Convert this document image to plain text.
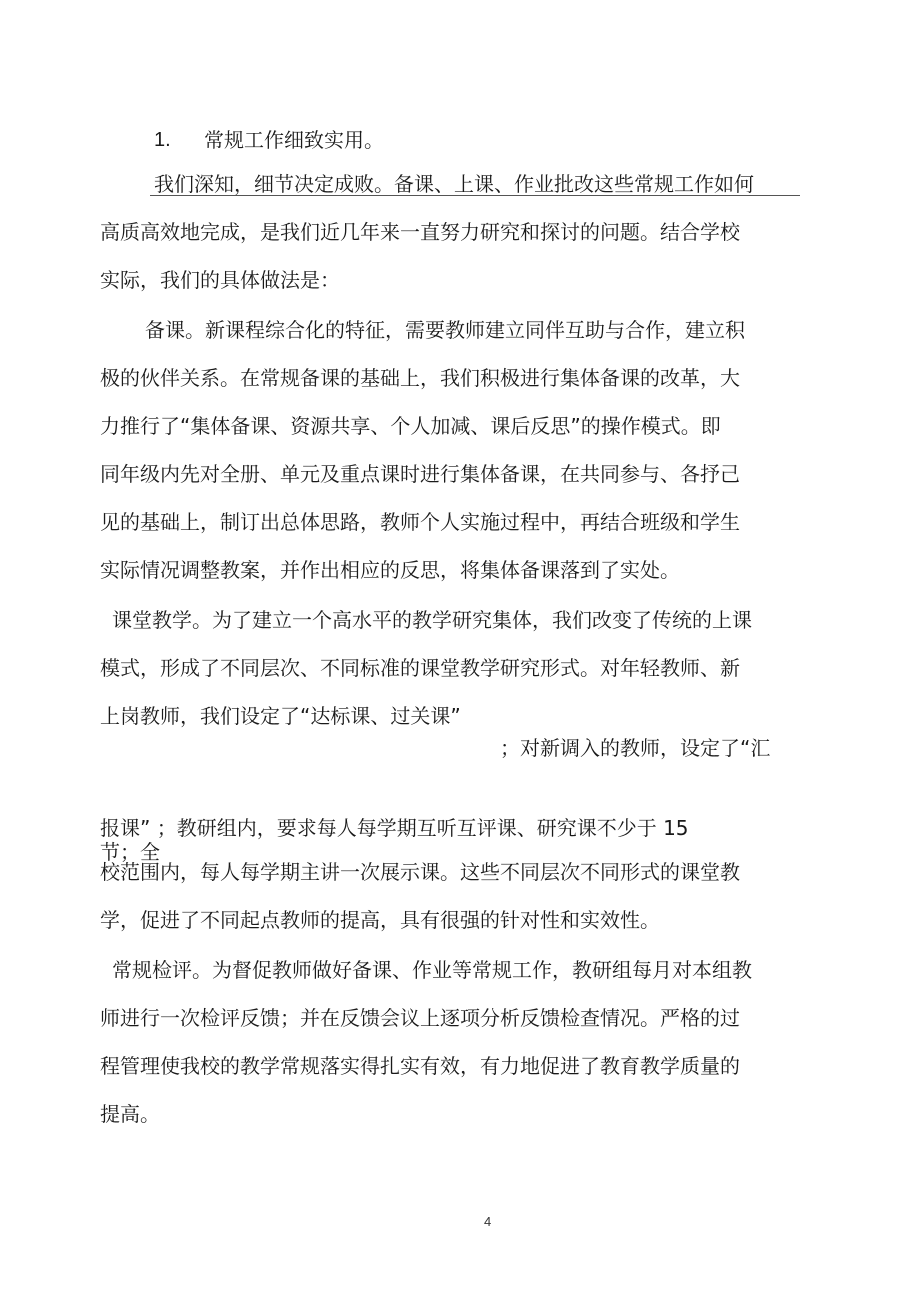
1. 常规工作细致实用。
我们深知，细节决定成败。备课、上课、作业批改这些常规工作如何
高质高效地完成，是我们近几年来一直努力研究和探讨的问题。结合学校
实际，我们的具体做法是：
备课。新课程综合化的特征，需要教师建立同伴互助与合作，建立积
极的伙伴关系。在常规备课的基础上，我们积极进行集体备课的改革，大
力推行了“集体备课、资源共享、个人加减、课后反思”的操作模式。即
同年级内先对全册、单元及重点课时进行集体备课，在共同参与、各抒己
见的基础上，制订出总体思路，教师个人实施过程中，再结合班级和学生
实际情况调整教案，并作出相应的反思，将集体备课落到了实处。
课堂教学。为了建立一个高水平的教学研究集体，我们改变了传统的上课
模式，形成了不同层次、不同标准的课堂教学研究形式。对年轻教师、新
上岗教师，我们设定了“达标课、过关课”
；对新调入的教师，设定了“汇
报课” ；教研组内，要求每人每学期互听互评课、研究课不少于 15
节；全
校范围内，每人每学期主讲一次展示课。这些不同层次不同形式的课堂教
学，促进了不同起点教师的提高，具有很强的针对性和实效性。
常规检评。为督促教师做好备课、作业等常规工作，教研组每月对本组教
师进行一次检评反馈；并在反馈会议上逐项分析反馈检查情况。严格的过
程管理使我校的教学常规落实得扎实有效，有力地促进了教育教学质量的
提高。
4
